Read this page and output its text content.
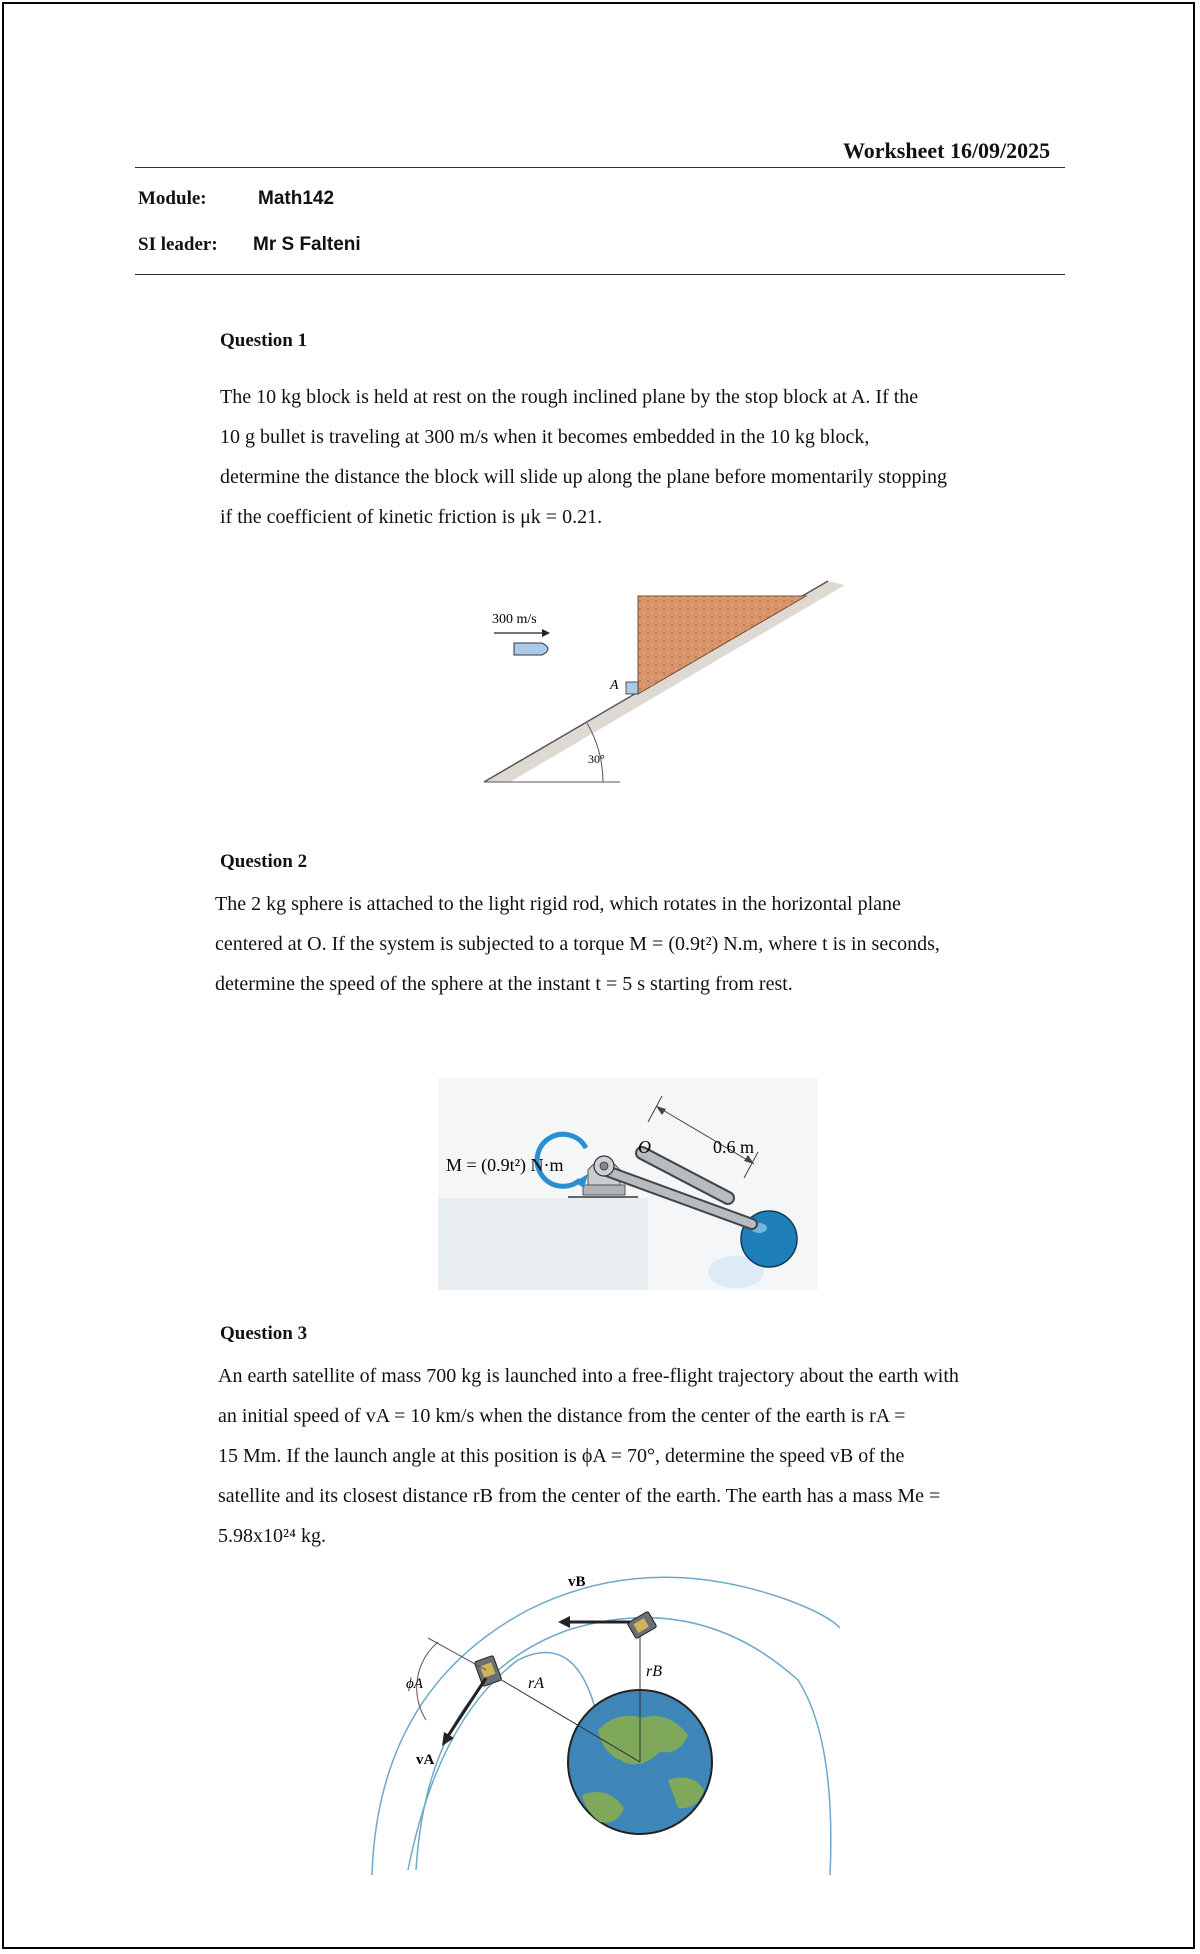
Worksheet 16/09/2025
Module:	Math142
SI leader: Mr S Falteni
Question 1
The 10 kg block is held at rest on the rough inclined plane by the stop block at A. If the
10 g bullet is traveling at 300 m/s when it becomes embedded in the 10 kg block,
determine the distance the block will slide up along the plane before momentarily stopping
if the coefficient of kinetic friction is μk = 0.21.
A
300 m/s
30°
Question 2
The 2 kg sphere is attached to the light rigid rod, which rotates in the horizontal plane
centered at O. If the system is subjected to a torque M = (0.9t²) N.m, where t is in seconds,
determine the speed of the sphere at the instant t = 5 s starting from rest.
M = (0.9t²) N·m
O	0.6 m
Question 3
An earth satellite of mass 700 kg is launched into a free-flight trajectory about the earth with
an initial speed of vA = 10 km/s when the distance from the center of the earth is rA =
15 Mm. If the launch angle at this position is ϕA = 70°, determine the speed vB of the
satellite and its closest distance rB from the center of the earth. The earth has a mass Me =
5.98x10²⁴ kg.
rA
rB
vA
vB
ϕA
